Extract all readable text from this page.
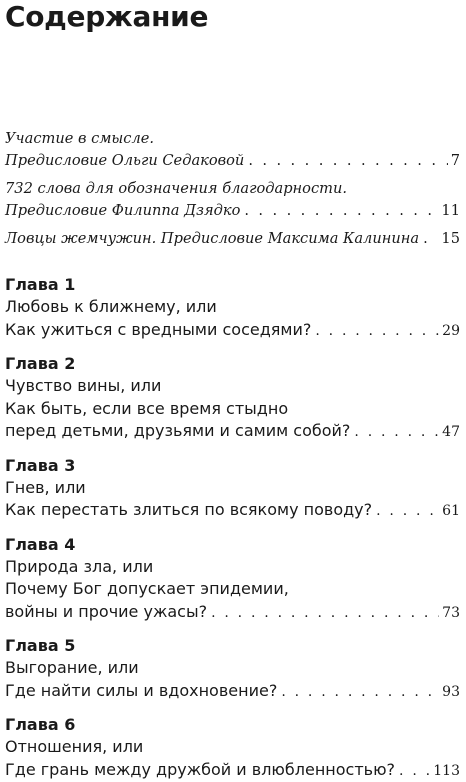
Содержание
Участие в смысле.
Предисловие Ольги Седаковой . . .	7
732 слова для обозначения благодарности.
Предисловие Филиппа Дзядко . . .	11
Ловцы жемчужин. Предисловие Максима Калинина . . . 15
Глава 1
Любовь к ближнему, или
Как ужиться с вредными соседями? . . .	29
Глава 2
Чувство вины, или
Как быть, если все время стыдно
перед детьми, друзьями и самим собой? . . .	47
Глава 3
Гнев, или
Как перестать злиться по всякому поводу? . . .	61
Глава 4
Природа зла, или
Почему Бог допускает эпидемии,
войны и прочие ужасы? . . .	73
Глава 5
Выгорание, или
Где найти силы и вдохновение? . . .	93
Глава 6
Отношения, или
Где грань между дружбой и влюбленностью? . . .	113
